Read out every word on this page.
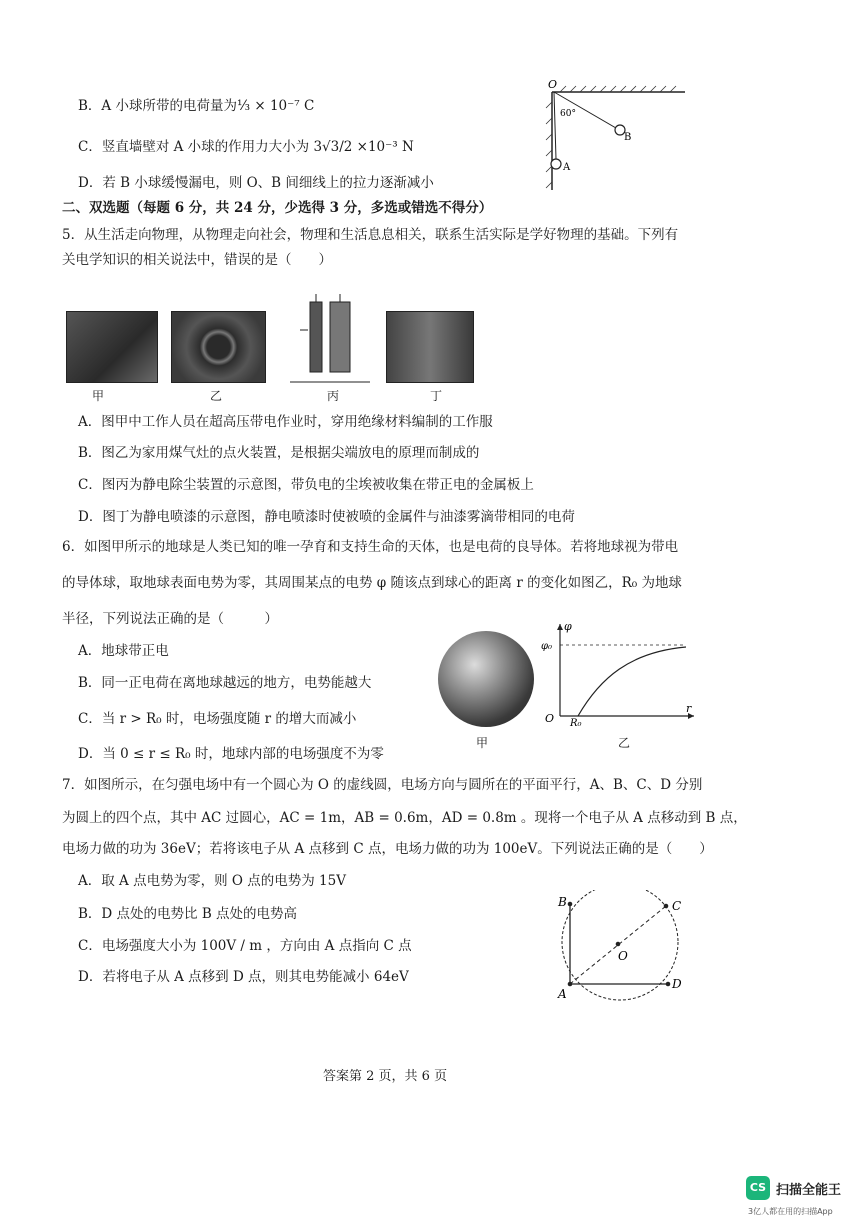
B．A 小球所带的电荷量为⅓ × 10⁻⁷ C
C．竖直墙壁对 A 小球的作用力大小为 3√3/2 ×10⁻³ N
D．若 B 小球缓慢漏电，则 O、B 间细线上的拉力逐渐减小
O
60°
B
A
二、双选题（每题 6 分，共 24 分，少选得 3 分，多选或错选不得分）
5．从生活走向物理，从物理走向社会，物理和生活息息相关，联系生活实际是学好物理的基础。下列有
关电学知识的相关说法中，错误的是（　　）
甲	乙	丙	丁
A．图甲中工作人员在超高压带电作业时，穿用绝缘材料编制的工作服
B．图乙为家用煤气灶的点火装置，是根据尖端放电的原理而制成的
C．图丙为静电除尘装置的示意图，带负电的尘埃被收集在带正电的金属板上
D．图丁为静电喷漆的示意图，静电喷漆时使被喷的金属件与油漆雾滴带相同的电荷
6．如图甲所示的地球是人类已知的唯一孕育和支持生命的天体，也是电荷的良导体。若将地球视为带电
的导体球，取地球表面电势为零，其周围某点的电势 φ 随该点到球心的距离 r 的变化如图乙，R₀ 为地球
半径，下列说法正确的是（　　　）
A．地球带正电
B．同一正电荷在离地球越远的地方，电势能越大
C．当 r > R₀ 时，电场强度随 r 的增大而减小
D．当 0 ≤ r ≤ R₀ 时，地球内部的电场强度不为零
甲
φ
φ₀
O R₀
r
乙
7．如图所示，在匀强电场中有一个圆心为 O 的虚线圆，电场方向与圆所在的平面平行，A、B、C、D 分别
为圆上的四个点，其中 AC 过圆心，AC = 1m，AB = 0.6m，AD = 0.8m 。现将一个电子从 A 点移动到 B 点，
电场力做的功为 36eV；若将该电子从 A 点移到 C 点，电场力做的功为 100eV。下列说法正确的是（　　）
A．取 A 点电势为零，则 O 点的电势为 15V
B．D 点处的电势比 B 点处的电势高
C．电场强度大小为 100V / m ，方向由 A 点指向 C 点
D．若将电子从 A 点移到 D 点，则其电势能减小 64eV
B	C
O
A
D
答案第 2 页，共 6 页
CS 扫描全能王
3亿人都在用的扫描App
